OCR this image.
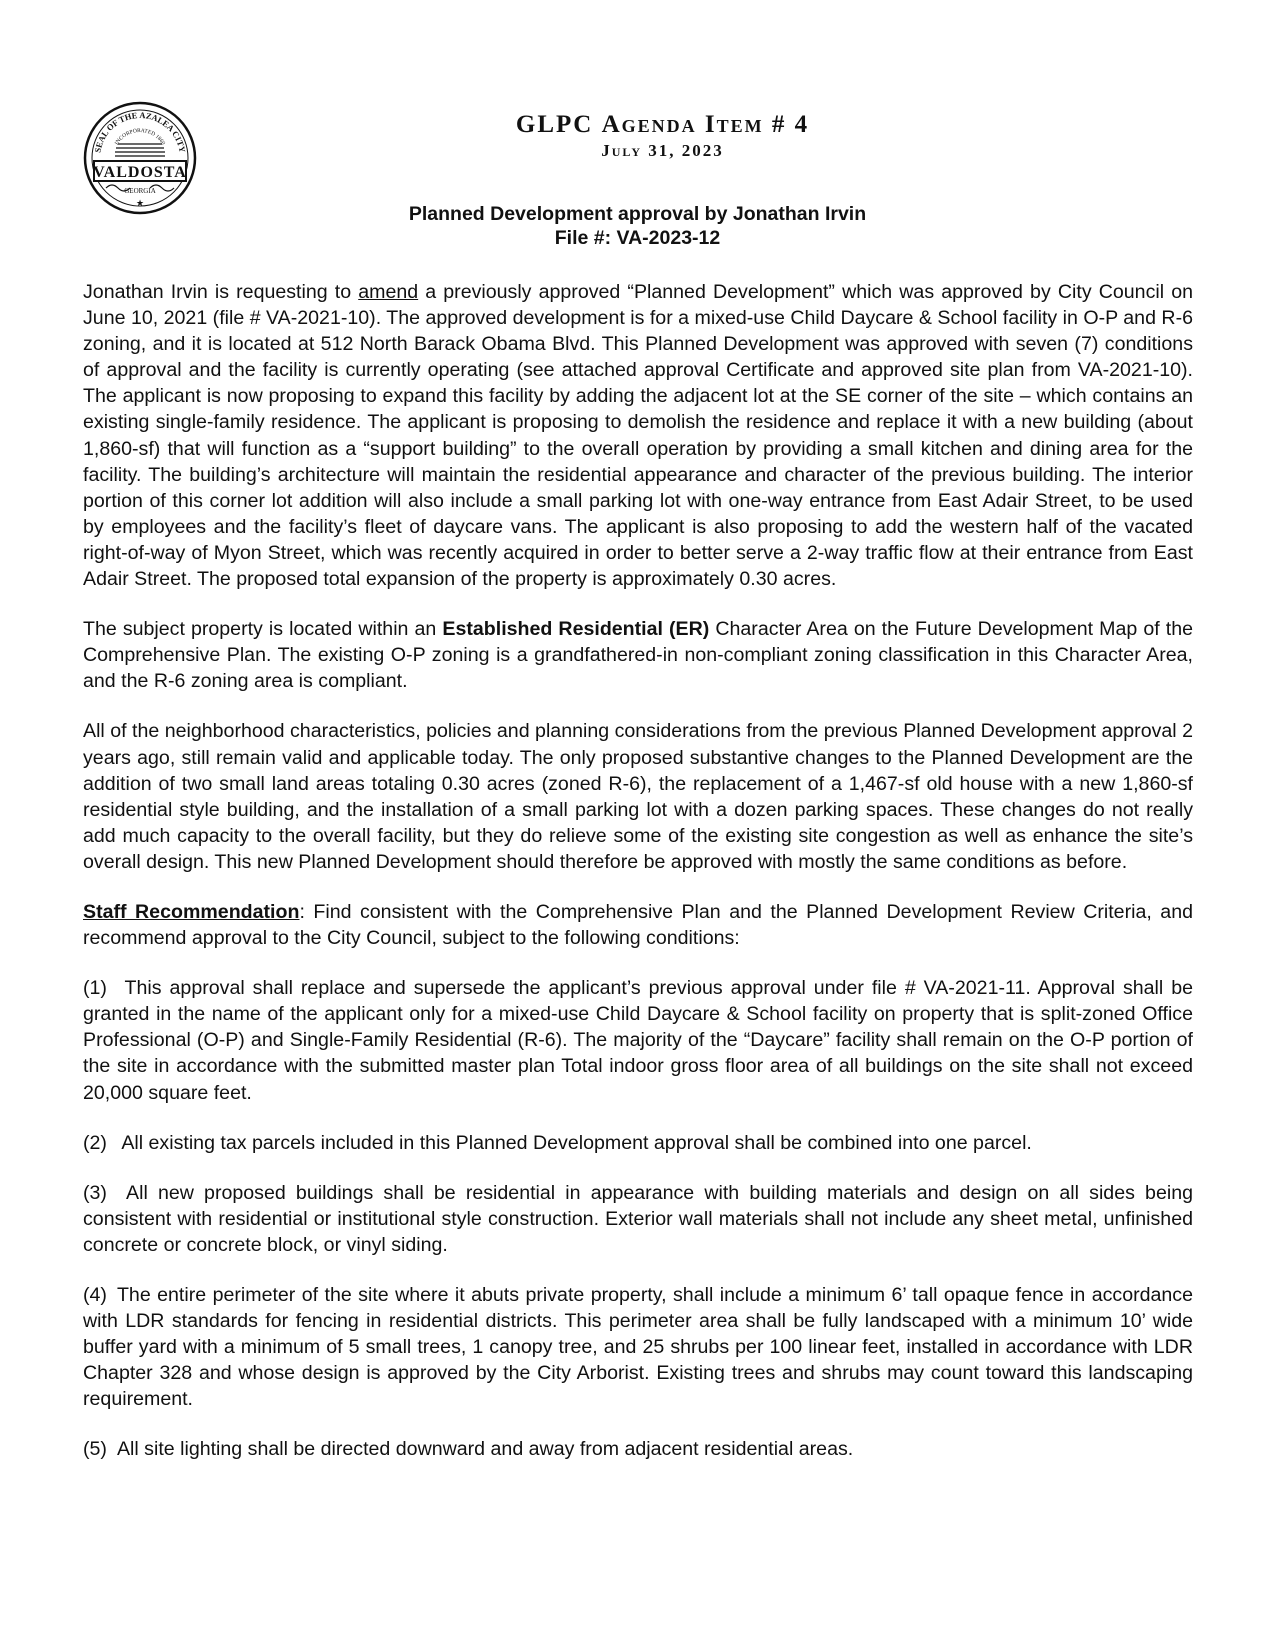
SEAL OF THE AZALEA CITY
INCORPORATED 1860
VALDOSTA
GEORGIA
★
GLPC Agenda Item # 4
July 31, 2023
Planned Development approval by Jonathan Irvin
File #: VA-2023-12

Jonathan Irvin is requesting to amend a previously approved “Planned Development” which was approved by City Council on June 10, 2021 (file # VA-2021-10). The approved development is for a mixed-use Child Daycare & School facility in O-P and R-6 zoning, and it is located at 512 North Barack Obama Blvd. This Planned Development was approved with seven (7) conditions of approval and the facility is currently operating (see attached approval Certificate and approved site plan from VA-2021-10). The applicant is now proposing to expand this facility by adding the adjacent lot at the SE corner of the site – which contains an existing single-family residence. The applicant is proposing to demolish the residence and replace it with a new building (about 1,860-sf) that will function as a “support building” to the overall operation by providing a small kitchen and dining area for the facility. The building’s architecture will maintain the residential appearance and character of the previous building. The interior portion of this corner lot addition will also include a small parking lot with one-way entrance from East Adair Street, to be used by employees and the facility’s fleet of daycare vans. The applicant is also proposing to add the western half of the vacated right-of-way of Myon Street, which was recently acquired in order to better serve a 2-way traffic flow at their entrance from East Adair Street. The proposed total expansion of the property is approximately 0.30 acres.

The subject property is located within an Established Residential (ER) Character Area on the Future Development Map of the Comprehensive Plan. The existing O-P zoning is a grandfathered-in non-compliant zoning classification in this Character Area, and the R-6 zoning area is compliant.

All of the neighborhood characteristics, policies and planning considerations from the previous Planned Development approval 2 years ago, still remain valid and applicable today. The only proposed substantive changes to the Planned Development are the addition of two small land areas totaling 0.30 acres (zoned R-6), the replacement of a 1,467-sf old house with a new 1,860-sf residential style building, and the installation of a small parking lot with a dozen parking spaces. These changes do not really add much capacity to the overall facility, but they do relieve some of the existing site congestion as well as enhance the site’s overall design. This new Planned Development should therefore be approved with mostly the same conditions as before.

Staff Recommendation: Find consistent with the Comprehensive Plan and the Planned Development Review Criteria, and recommend approval to the City Council, subject to the following conditions:

(1) This approval shall replace and supersede the applicant’s previous approval under file # VA-2021-11. Approval shall be granted in the name of the applicant only for a mixed-use Child Daycare & School facility on property that is split-zoned Office Professional (O-P) and Single-Family Residential (R-6). The majority of the “Daycare” facility shall remain on the O-P portion of the site in accordance with the submitted master plan Total indoor gross floor area of all buildings on the site shall not exceed 20,000 square feet.

(2) All existing tax parcels included in this Planned Development approval shall be combined into one parcel.

(3) All new proposed buildings shall be residential in appearance with building materials and design on all sides being consistent with residential or institutional style construction. Exterior wall materials shall not include any sheet metal, unfinished concrete or concrete block, or vinyl siding.

(4) The entire perimeter of the site where it abuts private property, shall include a minimum 6’ tall opaque fence in accordance with LDR standards for fencing in residential districts. This perimeter area shall be fully landscaped with a minimum 10’ wide buffer yard with a minimum of 5 small trees, 1 canopy tree, and 25 shrubs per 100 linear feet, installed in accordance with LDR Chapter 328 and whose design is approved by the City Arborist. Existing trees and shrubs may count toward this landscaping requirement.

(5) All site lighting shall be directed downward and away from adjacent residential areas.
